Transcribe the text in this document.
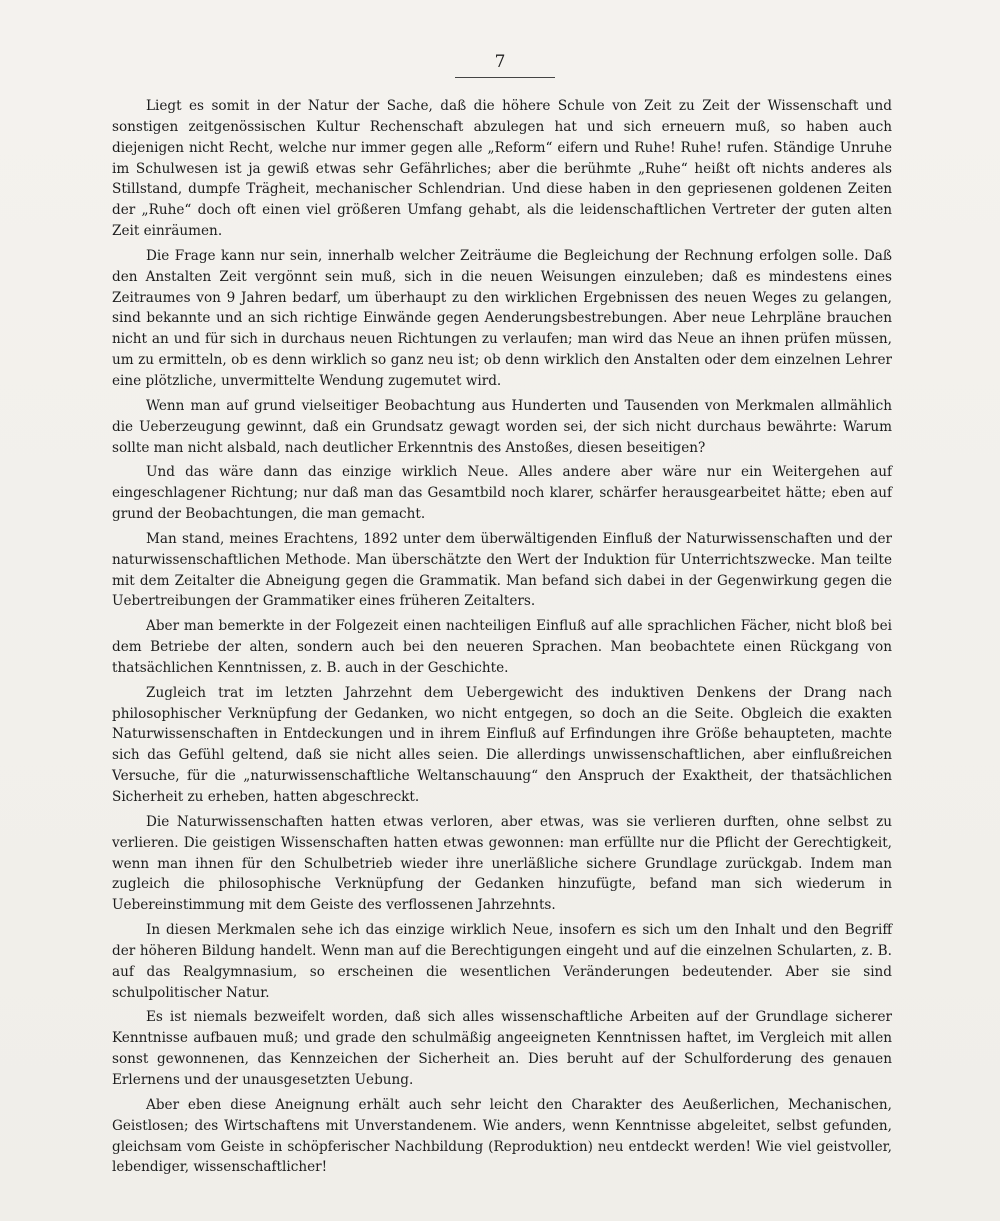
7

Liegt es somit in der Natur der Sache, daß die höhere Schule von Zeit zu Zeit der Wissenschaft und sonstigen zeitgenössischen Kultur Rechenschaft abzulegen hat und sich erneuern muß, so haben auch diejenigen nicht Recht, welche nur immer gegen alle „Reform“ eifern und Ruhe! Ruhe! rufen. Ständige Unruhe im Schulwesen ist ja gewiß etwas sehr Gefährliches; aber die berühmte „Ruhe“ heißt oft nichts anderes als Stillstand, dumpfe Trägheit, mechanischer Schlendrian. Und diese haben in den gepriesenen goldenen Zeiten der „Ruhe“ doch oft einen viel größeren Umfang gehabt, als die leidenschaftlichen Vertreter der guten alten Zeit einräumen.

Die Frage kann nur sein, innerhalb welcher Zeiträume die Begleichung der Rechnung erfolgen solle. Daß den Anstalten Zeit vergönnt sein muß, sich in die neuen Weisungen einzuleben; daß es mindestens eines Zeitraumes von 9 Jahren bedarf, um überhaupt zu den wirklichen Ergebnissen des neuen Weges zu gelangen, sind bekannte und an sich richtige Einwände gegen Aenderungsbestrebungen. Aber neue Lehrpläne brauchen nicht an und für sich in durchaus neuen Richtungen zu verlaufen; man wird das Neue an ihnen prüfen müssen, um zu ermitteln, ob es denn wirklich so ganz neu ist; ob denn wirklich den Anstalten oder dem einzelnen Lehrer eine plötzliche, unvermittelte Wendung zugemutet wird.

Wenn man auf grund vielseitiger Beobachtung aus Hunderten und Tausenden von Merkmalen allmählich die Ueberzeugung gewinnt, daß ein Grundsatz gewagt worden sei, der sich nicht durchaus bewährte: Warum sollte man nicht alsbald, nach deutlicher Erkenntnis des Anstoßes, diesen beseitigen?

Und das wäre dann das einzige wirklich Neue. Alles andere aber wäre nur ein Weitergehen auf eingeschlagener Richtung; nur daß man das Gesamtbild noch klarer, schärfer herausgearbeitet hätte; eben auf grund der Beobachtungen, die man gemacht.

Man stand, meines Erachtens, 1892 unter dem überwältigenden Einfluß der Naturwissenschaften und der naturwissenschaftlichen Methode. Man überschätzte den Wert der Induktion für Unterrichtszwecke. Man teilte mit dem Zeitalter die Abneigung gegen die Grammatik. Man befand sich dabei in der Gegenwirkung gegen die Uebertreibungen der Grammatiker eines früheren Zeitalters.

Aber man bemerkte in der Folgezeit einen nachteiligen Einfluß auf alle sprachlichen Fächer, nicht bloß bei dem Betriebe der alten, sondern auch bei den neueren Sprachen. Man beobachtete einen Rückgang von thatsächlichen Kenntnissen, z. B. auch in der Geschichte.

Zugleich trat im letzten Jahrzehnt dem Uebergewicht des induktiven Denkens der Drang nach philosophischer Verknüpfung der Gedanken, wo nicht entgegen, so doch an die Seite. Obgleich die exakten Naturwissenschaften in Entdeckungen und in ihrem Einfluß auf Erfindungen ihre Größe behaupteten, machte sich das Gefühl geltend, daß sie nicht alles seien. Die allerdings unwissenschaftlichen, aber einflußreichen Versuche, für die „naturwissenschaftliche Weltanschauung“ den Anspruch der Exaktheit, der thatsächlichen Sicherheit zu erheben, hatten abgeschreckt.

Die Naturwissenschaften hatten etwas verloren, aber etwas, was sie verlieren durften, ohne selbst zu verlieren. Die geistigen Wissenschaften hatten etwas gewonnen: man erfüllte nur die Pflicht der Gerechtigkeit, wenn man ihnen für den Schulbetrieb wieder ihre unerläßliche sichere Grundlage zurückgab. Indem man zugleich die philosophische Verknüpfung der Gedanken hinzufügte, befand man sich wiederum in Uebereinstimmung mit dem Geiste des verflossenen Jahrzehnts.

In diesen Merkmalen sehe ich das einzige wirklich Neue, insofern es sich um den Inhalt und den Begriff der höheren Bildung handelt. Wenn man auf die Berechtigungen eingeht und auf die einzelnen Schularten, z. B. auf das Realgymnasium, so erscheinen die wesentlichen Veränderungen bedeutender. Aber sie sind schulpolitischer Natur.

Es ist niemals bezweifelt worden, daß sich alles wissenschaftliche Arbeiten auf der Grundlage sicherer Kenntnisse aufbauen muß; und grade den schulmäßig angeeigneten Kenntnissen haftet, im Vergleich mit allen sonst gewonnenen, das Kennzeichen der Sicherheit an. Dies beruht auf der Schulforderung des genauen Erlernens und der unausgesetzten Uebung.

Aber eben diese Aneignung erhält auch sehr leicht den Charakter des Aeußerlichen, Mechanischen, Geistlosen; des Wirtschaftens mit Unverstandenem. Wie anders, wenn Kenntnisse abgeleitet, selbst gefunden, gleichsam vom Geiste in schöpferischer Nachbildung (Reproduktion) neu entdeckt werden! Wie viel geistvoller, lebendiger, wissenschaftlicher!
